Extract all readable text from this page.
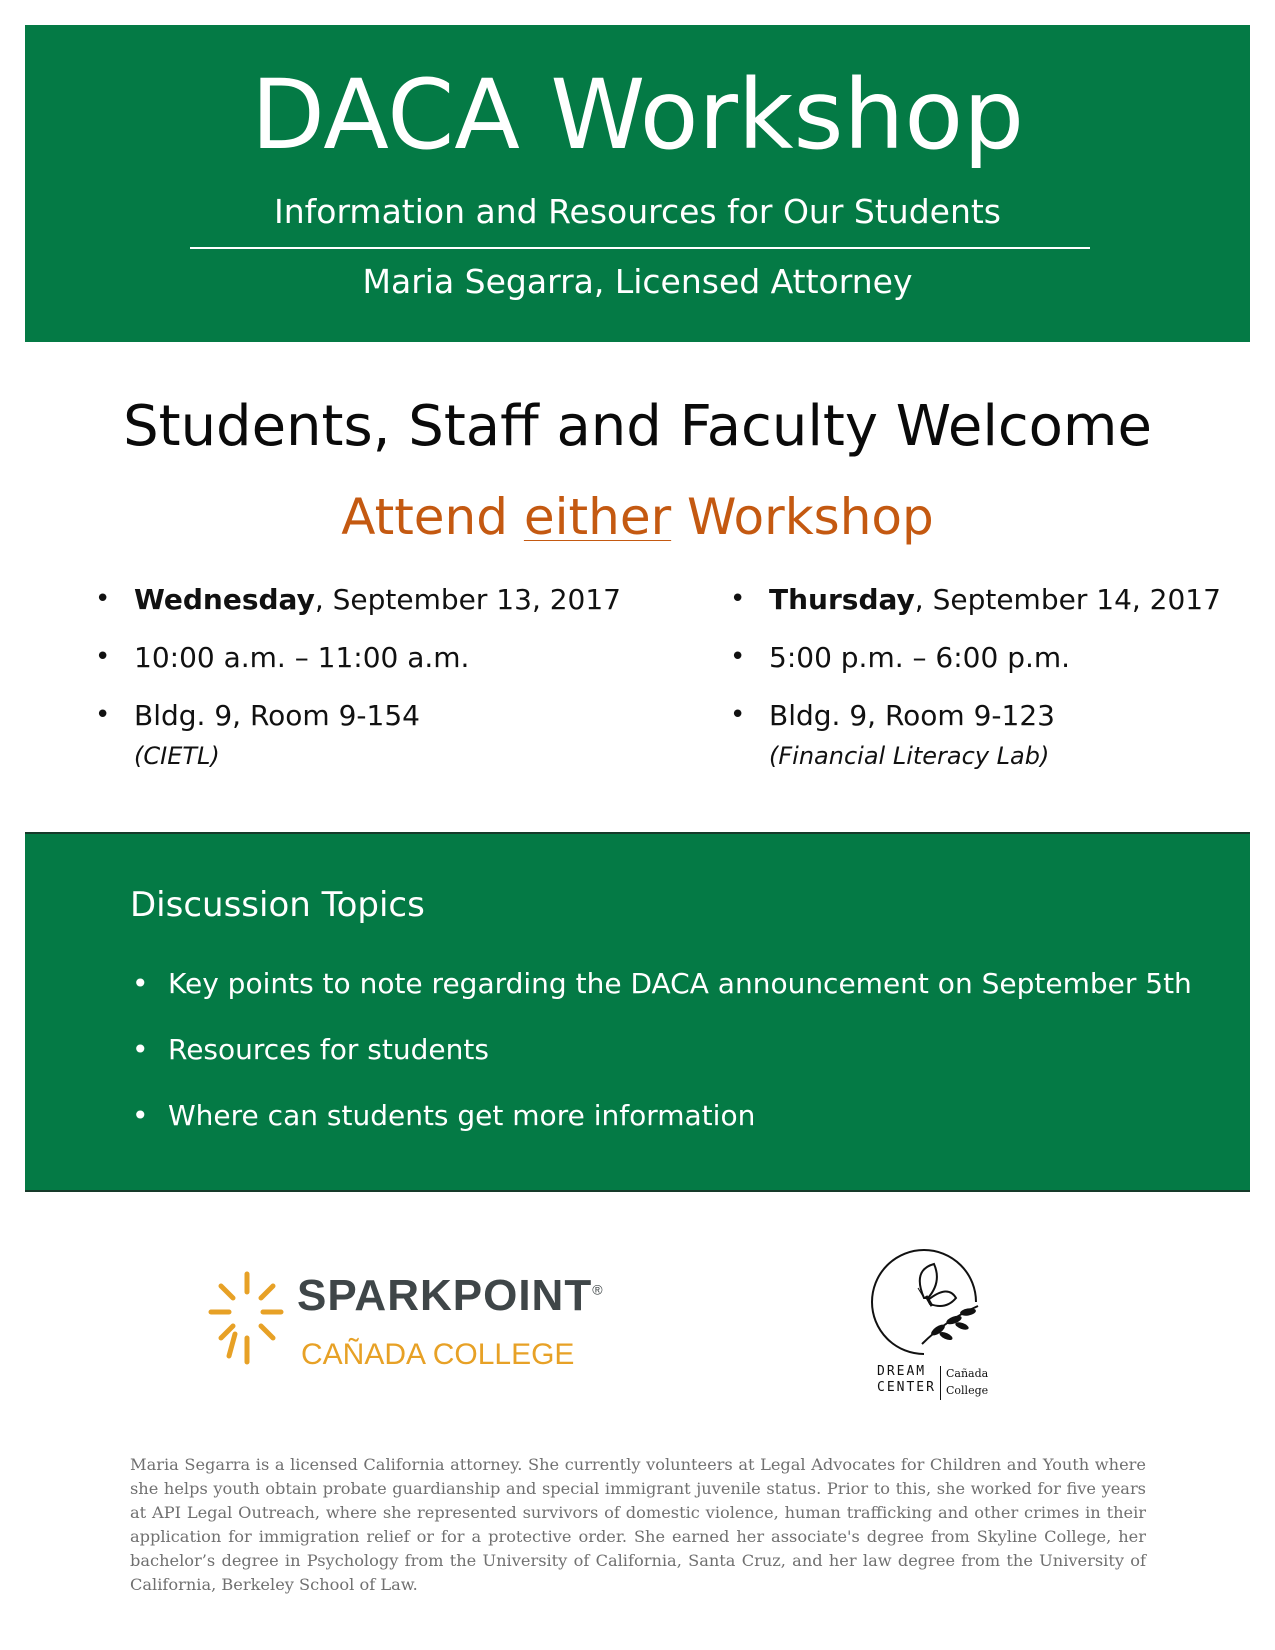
DACA Workshop
Information and Resources for Our Students
Maria Segarra, Licensed Attorney
Students, Staff and Faculty Welcome
Attend either Workshop
• Wednesday, September 13, 2017
• 10:00 a.m. – 11:00 a.m.
• Bldg. 9, Room 9-154
(CIETL)
• Thursday, September 14, 2017
• 5:00 p.m. – 6:00 p.m.
• Bldg. 9, Room 9-123
(Financial Literacy Lab)
Discussion Topics
• Key points to note regarding the DACA announcement on September 5th
• Resources for students
• Where can students get more information
SPARKPOINT®
CAÑADA COLLEGE
DREAM
CENTER
Cañada
College
Maria Segarra is a licensed California attorney. She currently volunteers at Legal Advocates for Children and Youth where she helps youth obtain probate guardianship and special immigrant juvenile status. Prior to this, she worked for five years at API Legal Outreach, where she represented survivors of domestic violence, human trafficking and other crimes in their application for immigration relief or for a protective order. She earned her associate's degree from Skyline College, her bachelor’s degree in Psychology from the University of California, Santa Cruz, and her law degree from the University of California, Berkeley School of Law.
